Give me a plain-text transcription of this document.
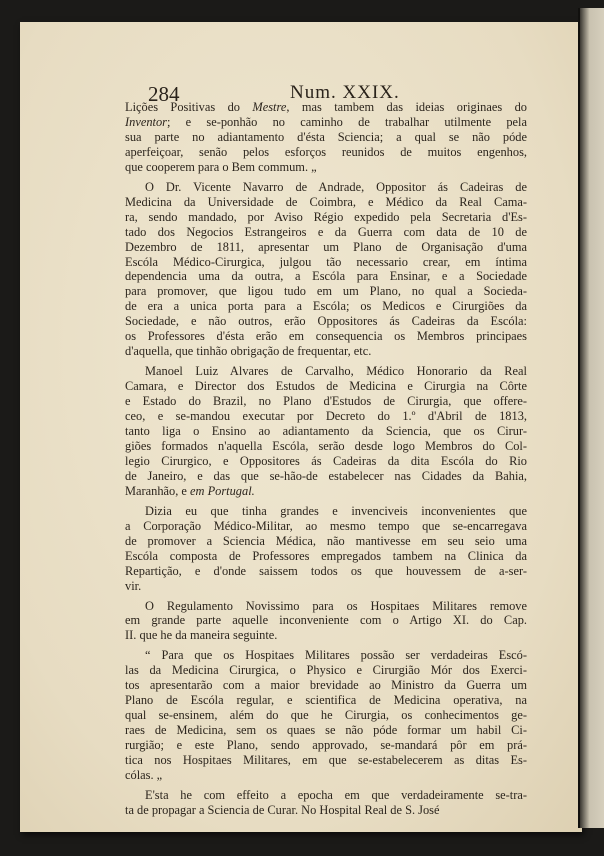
284	Num. XXIX.
Lições Positivas do Mestre, mas tambem das ideias originaes do
Inventor; e se-ponhão no caminho de trabalhar utilmente pela
sua parte no adiantamento d'ésta Sciencia; a qual se não póde
aperfeiçoar, senão pelos esforços reunidos de muitos engenhos,
que cooperem para o Bem commum. „
O Dr. Vicente Navarro de Andrade, Oppositor ás Cadeiras de
Medicina da Universidade de Coimbra, e Médico da Real Cama-
ra, sendo mandado, por Aviso Régio expedido pela Secretaria d'Es-
tado dos Negocios Estrangeiros e da Guerra com data de 10 de
Dezembro de 1811, apresentar um Plano de Organisação d'uma
Escóla Médico-Cirurgica, julgou tão necessario crear, em íntima
dependencia uma da outra, a Escóla para Ensinar, e a Sociedade
para promover, que ligou tudo em um Plano, no qual a Socieda-
de era a unica porta para a Escóla; os Medicos e Cirurgiões da
Sociedade, e não outros, erão Oppositores ás Cadeiras da Escóla:
os Professores d'ésta erão em consequencia os Membros principaes
d'aquella, que tinhão obrigação de frequentar, etc.
Manoel Luiz Alvares de Carvalho, Médico Honorario da Real
Camara, e Director dos Estudos de Medicina e Cirurgia na Côrte
e Estado do Brazil, no Plano d'Estudos de Cirurgia, que offere-
ceo, e se-mandou executar por Decreto do 1.º d'Abril de 1813,
tanto liga o Ensino ao adiantamento da Sciencia, que os Cirur-
giões formados n'aquella Escóla, serão desde logo Membros do Col-
legio Cirurgico, e Oppositores ás Cadeiras da dita Escóla do Rio
de Janeiro, e das que se-hão-de estabelecer nas Cidades da Bahia,
Maranhão, e em Portugal.
Dizia eu que tinha grandes e invenciveis inconvenientes que
a Corporação Médico-Militar, ao mesmo tempo que se-encarregava
de promover a Sciencia Médica, não mantivesse em seu seio uma
Escóla composta de Professores empregados tambem na Clinica da
Repartição, e d'onde saissem todos os que houvessem de a-ser-
vir.
O Regulamento Novissimo para os Hospitaes Militares remove
em grande parte aquelle inconveniente com o Artigo XI. do Cap.
II. que he da maneira seguinte.
“ Para que os Hospitaes Militares possão ser verdadeiras Escó-
las da Medicina Cirurgica, o Physico e Cirurgião Mór dos Exerci-
tos apresentarão com a maior brevidade ao Ministro da Guerra um
Plano de Escóla regular, e scientifica de Medicina operativa, na
qual se-ensinem, além do que he Cirurgia, os conhecimentos ge-
raes de Medicina, sem os quaes se não póde formar um habil Ci-
rurgião; e este Plano, sendo approvado, se-mandará pôr em prá-
tica nos Hospitaes Militares, em que se-estabelecerem as ditas Es-
cólas. „
E'sta he com effeito a epocha em que verdadeiramente se-tra-
ta de propagar a Sciencia de Curar. No Hospital Real de S. José
